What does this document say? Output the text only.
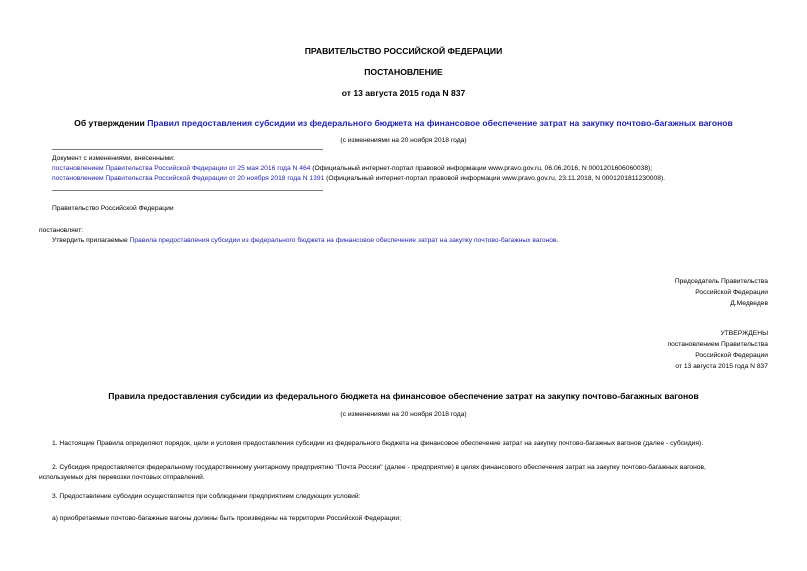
ПРАВИТЕЛЬСТВО РОССИЙСКОЙ ФЕДЕРАЦИИ
ПОСТАНОВЛЕНИЕ
от 13 августа 2015 года N 837
Об утверждении Правил предоставления субсидии из федерального бюджета на финансовое обеспечение затрат на закупку почтово-багажных вагонов
(с изменениями на 20 ноября 2018 года)
Документ с изменениями, внесенными:
постановлением Правительства Российской Федерации от 25 мая 2016 года N 464 (Официальный интернет-портал правовой информации www.pravo.gov.ru, 06.06.2016, N 0001201606060038);
постановлением Правительства Российской Федерации от 20 ноября 2018 года N 1391 (Официальный интернет-портал правовой информации www.pravo.gov.ru, 23.11.2018, N 0001201811230008).
Правительство Российской Федерации
постановляет:
Утвердить прилагаемые Правила предоставления субсидии из федерального бюджета на финансовое обеспечение затрат на закупку почтово-багажных вагонов.
Председатель Правительства
Российской Федерации
Д.Медведев
УТВЕРЖДЕНЫ
постановлением Правительства
Российской Федерации
от 13 августа 2015 года N 837
Правила предоставления субсидии из федерального бюджета на финансовое обеспечение затрат на закупку почтово-багажных вагонов
(с изменениями на 20 ноября 2018 года)
1. Настоящие Правила определяют порядок, цели и условия предоставления субсидии из федерального бюджета на финансовое обеспечение затрат на закупку почтово-багажных вагонов (далее - субсидия).
2. Субсидия предоставляется федеральному государственному унитарному предприятию "Почта России" (далее - предприятие) в целях финансового обеспечения затрат на закупку почтово-багажных вагонов,
используемых для перевозки почтовых отправлений.
3. Предоставление субсидии осуществляется при соблюдении предприятием следующих условий:
а) приобретаемые почтово-багажные вагоны должны быть произведены на территории Российской Федерации;
